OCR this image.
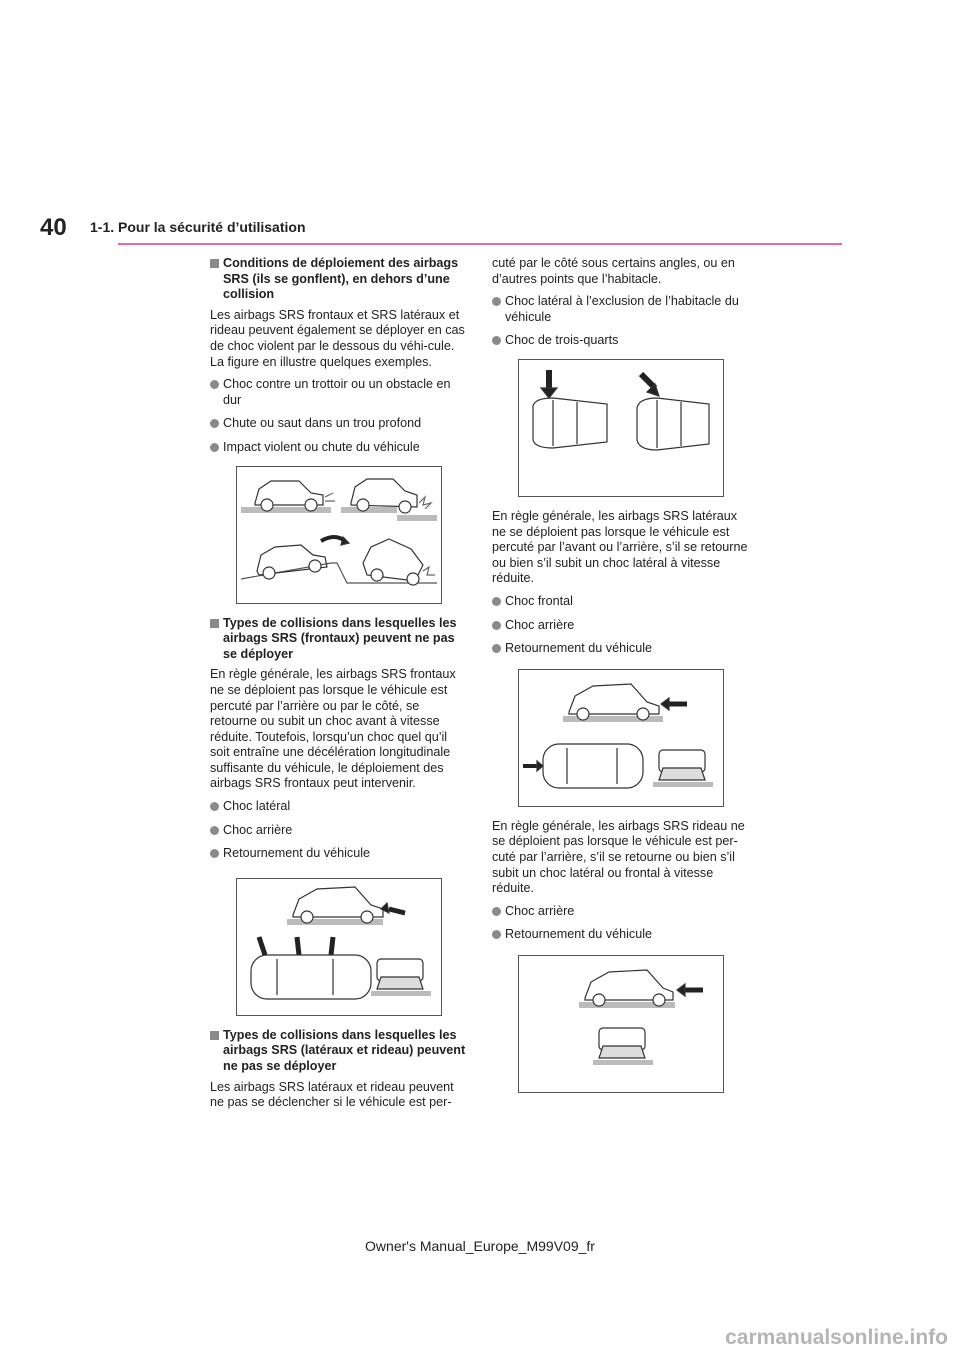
40 1-1. Pour la sécurité d’utilisation
Conditions de déploiement des airbags SRS (ils se gonflent), en dehors d’une collision
Les airbags SRS frontaux et SRS latéraux et rideau peuvent également se déployer en cas de choc violent par le dessous du véhi-cule. La figure en illustre quelques exemples.
Choc contre un trottoir ou un obstacle en dur
Chute ou saut dans un trou profond
Impact violent ou chute du véhicule
Types de collisions dans lesquelles les airbags SRS (frontaux) peuvent ne pas se déployer
En règle générale, les airbags SRS frontaux ne se déploient pas lorsque le véhicule est percuté par l’arrière ou par le côté, se retourne ou subit un choc avant à vitesse réduite. Toutefois, lorsqu’un choc quel qu’il soit entraîne une décélération longitudinale suffisante du véhicule, le déploiement des airbags SRS frontaux peut intervenir.
Choc latéral
Choc arrière
Retournement du véhicule
Types de collisions dans lesquelles les airbags SRS (latéraux et rideau) peuvent ne pas se déployer
Les airbags SRS latéraux et rideau peuvent ne pas se déclencher si le véhicule est per-
cuté par le côté sous certains angles, ou en d’autres points que l’habitacle.
Choc latéral à l’exclusion de l’habitacle du véhicule
Choc de trois-quarts
En règle générale, les airbags SRS latéraux ne se déploient pas lorsque le véhicule est percuté par l’avant ou l’arrière, s’il se retourne ou bien s’il subit un choc latéral à vitesse réduite.
Choc frontal
Choc arrière
Retournement du véhicule
En règle générale, les airbags SRS rideau ne se déploient pas lorsque le véhicule est per-cuté par l’arrière, s’il se retourne ou bien s’il subit un choc latéral ou frontal à vitesse réduite.
Choc arrière
Retournement du véhicule
Owner's Manual_Europe_M99V09_fr
carmanualsonline.info
